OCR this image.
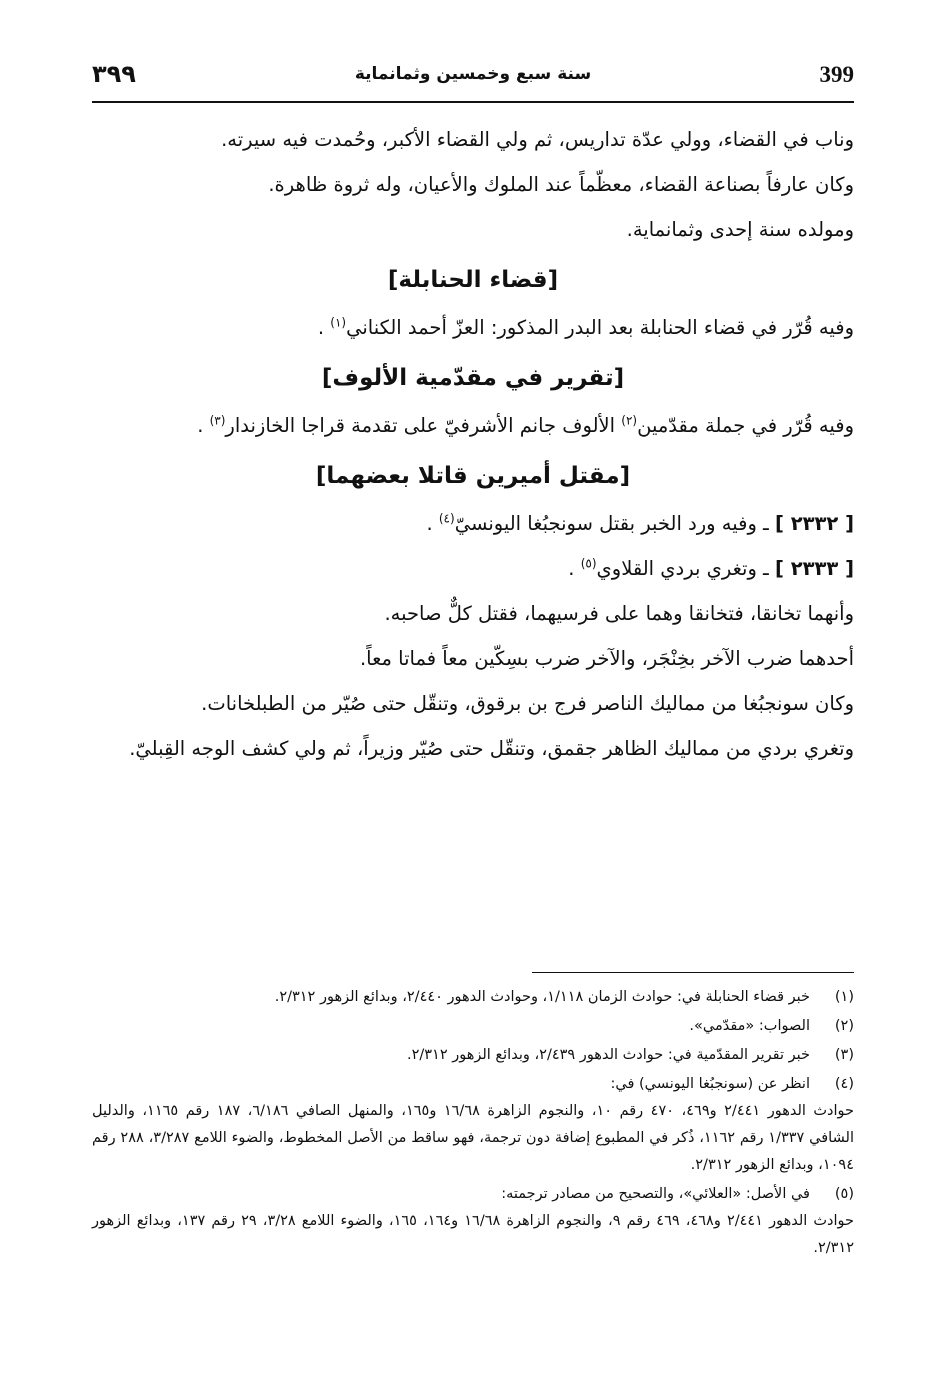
399
سنة سبع وخمسين وثمانماية
٣٩٩

وناب في القضاء، وولي عدّة تداريس، ثم ولي القضاء الأكبر، وحُمدت فيه سيرته.

وكان عارفاً بصناعة القضاء، معظّماً عند الملوك والأعيان، وله ثروة ظاهرة.

ومولده سنة إحدى وثمانماية.

[قضاء الحنابلة]

وفيه قُرّر في قضاء الحنابلة بعد البدر المذكور: العزّ أحمد الكناني$^{(١)}$ .

[تقرير في مقدّمية الألوف]

وفيه قُرّر في جملة مقدّمين$^{(٢)}$ الألوف جانم الأشرفيّ على تقدمة قراجا الخازندار$^{(٣)}$ .

[مقتل أميرين قاتلا بعضهما]

[ ٢٣٣٢ ] ـ وفيه ورد الخبر بقتل سونجبُغا اليونسيّ$^{(٤)}$ .

[ ٢٣٣٣ ] ـ وتغري بردي القلاوي$^{(٥)}$ .

وأنهما تخانقا، فتخانقا وهما على فرسيهما، فقتل كلٌّ صاحبه.

أحدهما ضرب الآخر بخِنْجَر، والآخر ضرب بسِكّين معاً فماتا معاً.

وكان سونجبُغا من مماليك الناصر فرج بن برقوق، وتنقّل حتى صُيّر من الطبلخانات.

وتغري بردي من مماليك الظاهر جقمق، وتنقّل حتى صُيّر وزيراً، ثم ولي كشف الوجه القِبليّ.

(١)
خبر قضاء الحنابلة في: حوادث الزمان ١/١١٨، وحوادث الدهور ٢/٤٤٠، وبدائع الزهور ٢/٣١٢.
(٢)
الصواب: «مقدّمي».
(٣)
خبر تقرير المقدّمية في: حوادث الدهور ٢/٤٣٩، وبدائع الزهور ٢/٣١٢.
(٤)
انظر عن (سونجبُغا اليونسي) في:
حوادث الدهور ٢/٤٤١ و٤٦٩، ٤٧٠ رقم ١٠، والنجوم الزاهرة ١٦/٦٨ و١٦٥، والمنهل الصافي ٦/١٨٦، ١٨٧ رقم ١١٦٥، والدليل الشافي ١/٣٣٧ رقم ١١٦٢، ذُكر في المطبوع إضافة دون ترجمة، فهو ساقط من الأصل المخطوط، والضوء اللامع ٣/٢٨٧، ٢٨٨ رقم ١٠٩٤، وبدائع الزهور ٢/٣١٢.
(٥)
في الأصل: «العلائي»، والتصحيح من مصادر ترجمته:
حوادث الدهور ٢/٤٤١ و٤٦٨، ٤٦٩ رقم ٩، والنجوم الزاهرة ١٦/٦٨ و١٦٤، ١٦٥، والضوء اللامع ٣/٢٨، ٢٩ رقم ١٣٧، وبدائع الزهور ٢/٣١٢.
